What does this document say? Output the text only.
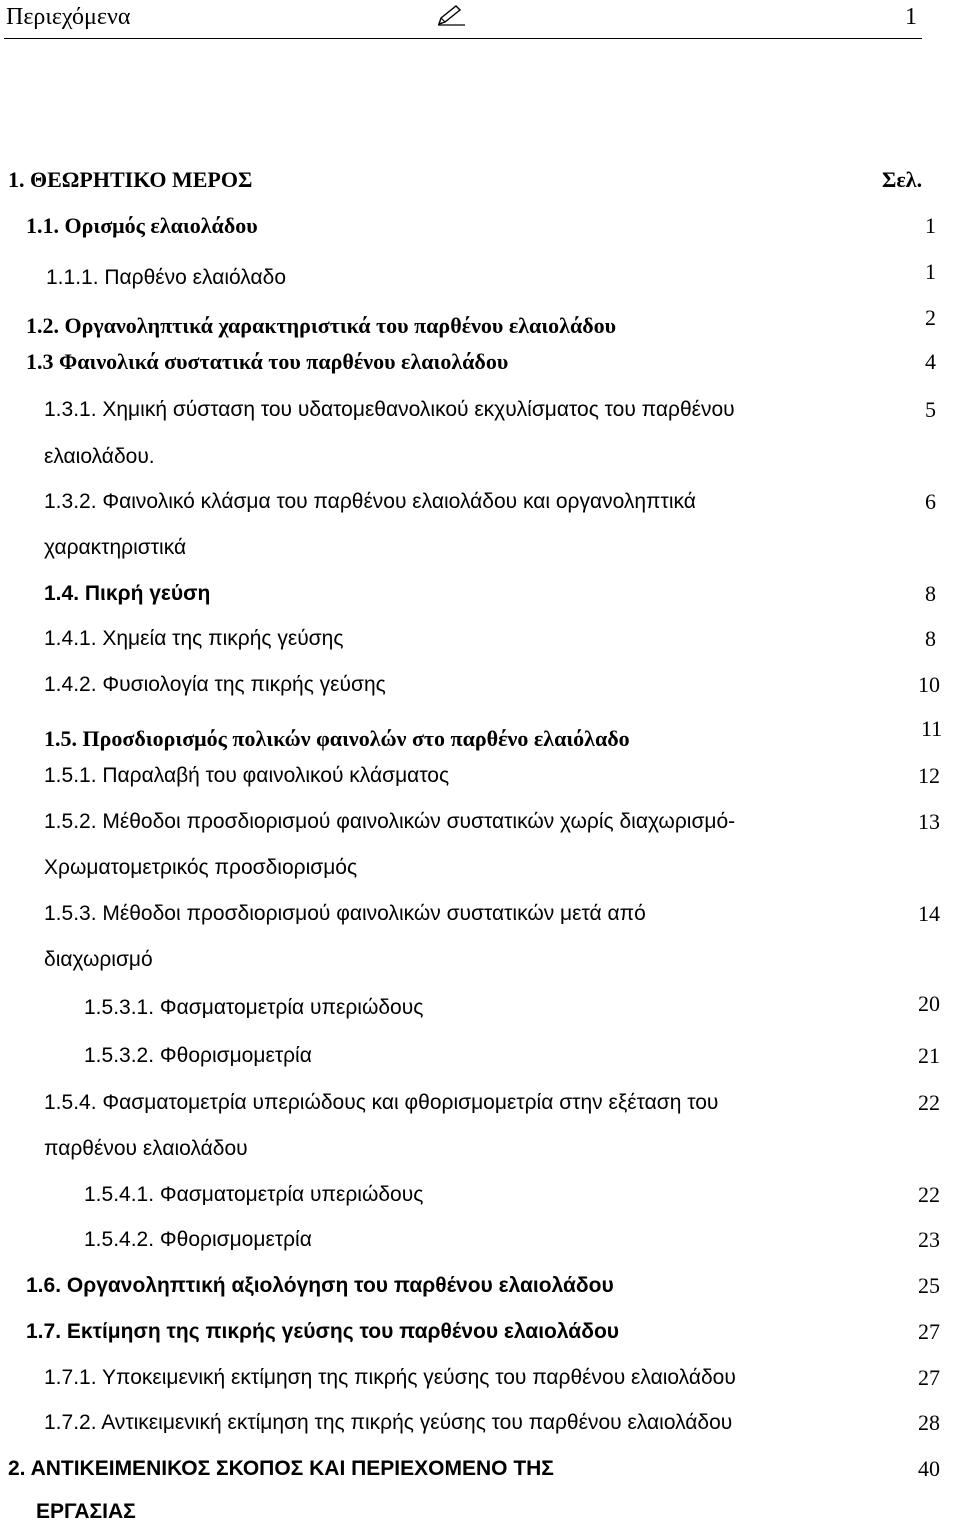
Περιεχόμενα	1
1. ΘΕΩΡΗΤΙΚΟ ΜΕΡΟΣ	Σελ.
1.1. Ορισμός ελαιολάδου	1
1.1.1. Παρθένο ελαιόλαδο	1
1.2. Οργανοληπτικά χαρακτηριστικά του παρθένου ελαιολάδου	2
1.3 Φαινολικά συστατικά του παρθένου ελαιολάδου	4
1.3.1. Χημική σύσταση του υδατομεθανολικού εκχυλίσματος του παρθένου	5
ελαιολάδου.
1.3.2. Φαινολικό κλάσμα του παρθένου ελαιολάδου και οργανοληπτικά	6
χαρακτηριστικά
1.4. Πικρή γεύση	8
1.4.1. Χημεία της πικρής γεύσης	8
1.4.2. Φυσιολογία της πικρής γεύσης	10
1.5. Προσδιορισμός πολικών φαινολών στο παρθένο ελαιόλαδο	11
1.5.1. Παραλαβή του φαινολικού κλάσματος	12
1.5.2. Μέθοδοι προσδιορισμού φαινολικών συστατικών χωρίς διαχωρισμό-	13
Χρωματομετρικός προσδιορισμός
1.5.3. Μέθοδοι προσδιορισμού φαινολικών συστατικών μετά από	14
διαχωρισμό
1.5.3.1. Φασματομετρία υπεριώδους	20
1.5.3.2. Φθορισμομετρία	21
1.5.4. Φασματομετρία υπεριώδους και φθορισμομετρία στην εξέταση του	22
παρθένου ελαιολάδου
1.5.4.1. Φασματομετρία υπεριώδους	22
1.5.4.2. Φθορισμομετρία	23
1.6. Οργανοληπτική αξιολόγηση του παρθένου ελαιολάδου	25
1.7. Εκτίμηση της πικρής γεύσης του παρθένου ελαιολάδου	27
1.7.1. Υποκειμενική εκτίμηση της πικρής γεύσης του παρθένου ελαιολάδου	27
1.7.2. Αντικειμενική εκτίμηση της πικρής γεύσης του παρθένου ελαιολάδου	28
2. ΑΝΤΙΚΕΙΜΕΝΙΚΟΣ ΣΚΟΠΟΣ ΚΑΙ ΠΕΡΙΕΧΟΜΕΝΟ ΤΗΣ	40
ΕΡΓΑΣΙΑΣ
